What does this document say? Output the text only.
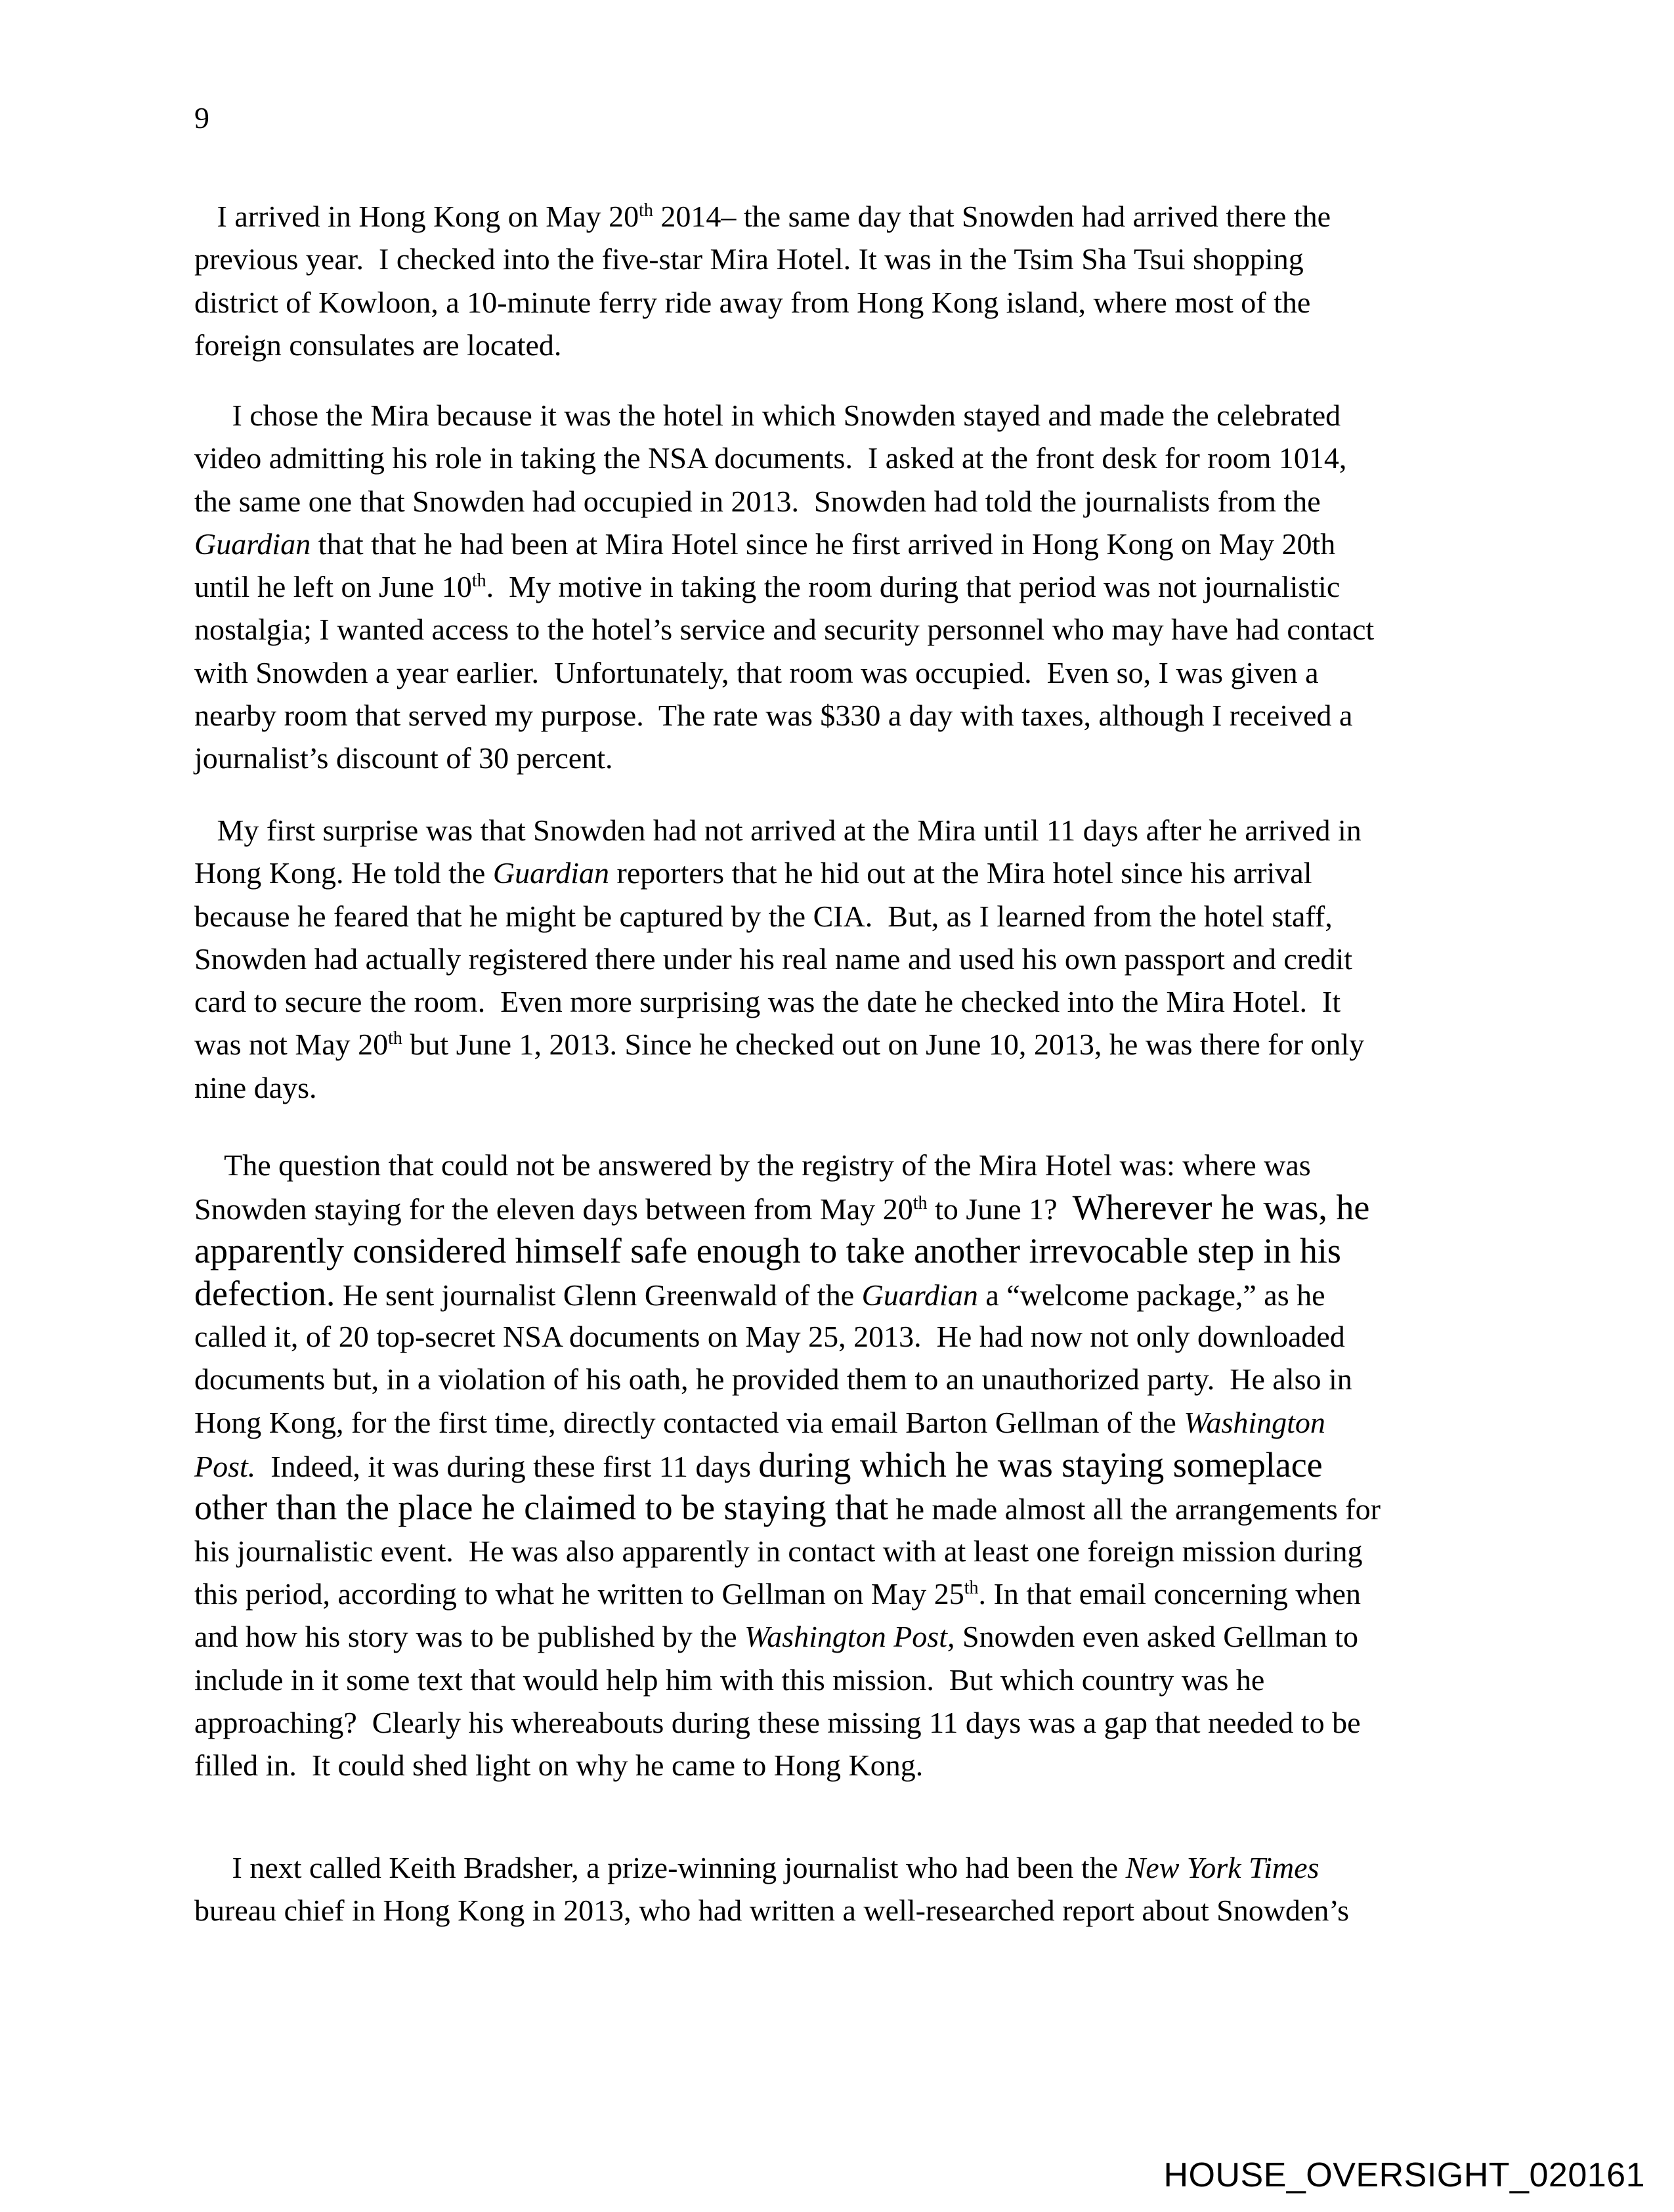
9
I arrived in Hong Kong on May 20th 2014– the same day that Snowden had arrived there the
previous year.  I checked into the five-star Mira Hotel. It was in the Tsim Sha Tsui shopping
district of Kowloon, a 10-minute ferry ride away from Hong Kong island, where most of the
foreign consulates are located.
I chose the Mira because it was the hotel in which Snowden stayed and made the celebrated
video admitting his role in taking the NSA documents.  I asked at the front desk for room 1014,
the same one that Snowden had occupied in 2013.  Snowden had told the journalists from the
Guardian that that he had been at Mira Hotel since he first arrived in Hong Kong on May 20th
until he left on June 10th.  My motive in taking the room during that period was not journalistic
nostalgia; I wanted access to the hotel’s service and security personnel who may have had contact
with Snowden a year earlier.  Unfortunately, that room was occupied.  Even so, I was given a
nearby room that served my purpose.  The rate was $330 a day with taxes, although I received a
journalist’s discount of 30 percent.
My first surprise was that Snowden had not arrived at the Mira until 11 days after he arrived in
Hong Kong. He told the Guardian reporters that he hid out at the Mira hotel since his arrival
because he feared that he might be captured by the CIA.  But, as I learned from the hotel staff,
Snowden had actually registered there under his real name and used his own passport and credit
card to secure the room.  Even more surprising was the date he checked into the Mira Hotel.  It
was not May 20th but June 1, 2013. Since he checked out on June 10, 2013, he was there for only
nine days.
The question that could not be answered by the registry of the Mira Hotel was: where was
Snowden staying for the eleven days between from May 20th to June 1?  Wherever he was, he
apparently considered himself safe enough to take another irrevocable step in his
defection. He sent journalist Glenn Greenwald of the Guardian a “welcome package,” as he
called it, of 20 top-secret NSA documents on May 25, 2013.  He had now not only downloaded
documents but, in a violation of his oath, he provided them to an unauthorized party.  He also in
Hong Kong, for the first time, directly contacted via email Barton Gellman of the Washington
Post.  Indeed, it was during these first 11 days during which he was staying someplace
other than the place he claimed to be staying that he made almost all the arrangements for
his journalistic event.  He was also apparently in contact with at least one foreign mission during
this period, according to what he written to Gellman on May 25th. In that email concerning when
and how his story was to be published by the Washington Post, Snowden even asked Gellman to
include in it some text that would help him with this mission.  But which country was he
approaching?  Clearly his whereabouts during these missing 11 days was a gap that needed to be
filled in.  It could shed light on why he came to Hong Kong.
I next called Keith Bradsher, a prize-winning journalist who had been the New York Times
bureau chief in Hong Kong in 2013, who had written a well-researched report about Snowden’s
HOUSE_OVERSIGHT_020161
